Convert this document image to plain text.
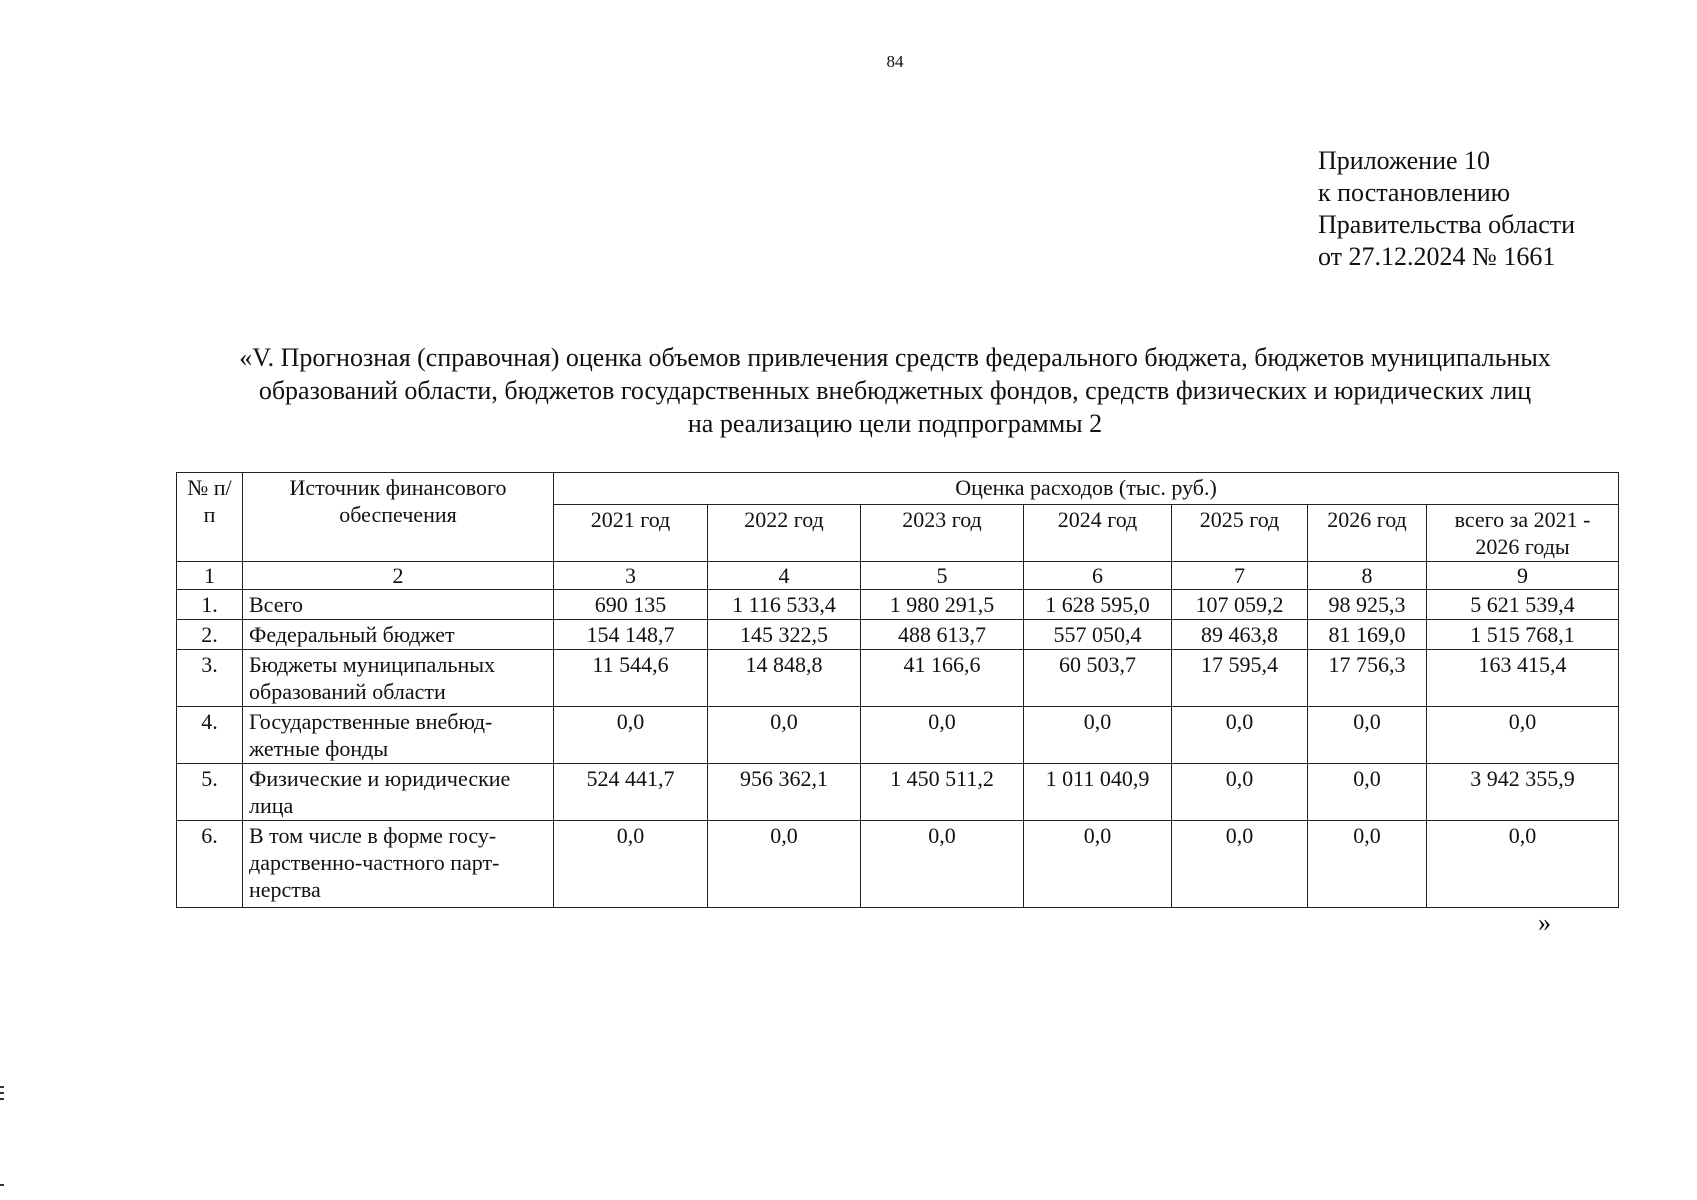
84
Приложение 10
к постановлению
Правительства области
от 27.12.2024 № 1661
«V. Прогнозная (справочная) оценка объемов привлечения средств федерального бюджета, бюджетов муниципальных
образований области, бюджетов государственных внебюджетных фондов, средств физических и юридических лиц
на реализацию цели подпрограммы 2
№ п/п	Источник финансового обеспечения	Оценка расходов (тыс. руб.)						
		2021 год	2022 год	2023 год	2024 год	2025 год	2026 год	всего за 2021 - 2026 годы
1	2	3	4	5	6	7	8	9
1.	Всего	690 135	1 116 533,4	1 980 291,5	1 628 595,0	107 059,2	98 925,3	5 621 539,4
2.	Федеральный бюджет	154 148,7	145 322,5	488 613,7	557 050,4	89 463,8	81 169,0	1 515 768,1
3.	Бюджеты муниципальных образований области	11 544,6	14 848,8	41 166,6	60 503,7	17 595,4	17 756,3	163 415,4
4.	Государственные внебюд-жетные фонды	0,0	0,0	0,0	0,0	0,0	0,0	0,0
5.	Физические и юридические лица	524 441,7	956 362,1	1 450 511,2	1 011 040,9	0,0	0,0	3 942 355,9
6.	В том числе в форме госу-дарственно-частного парт-нерства	0,0	0,0	0,0	0,0	0,0	0,0	0,0
»
